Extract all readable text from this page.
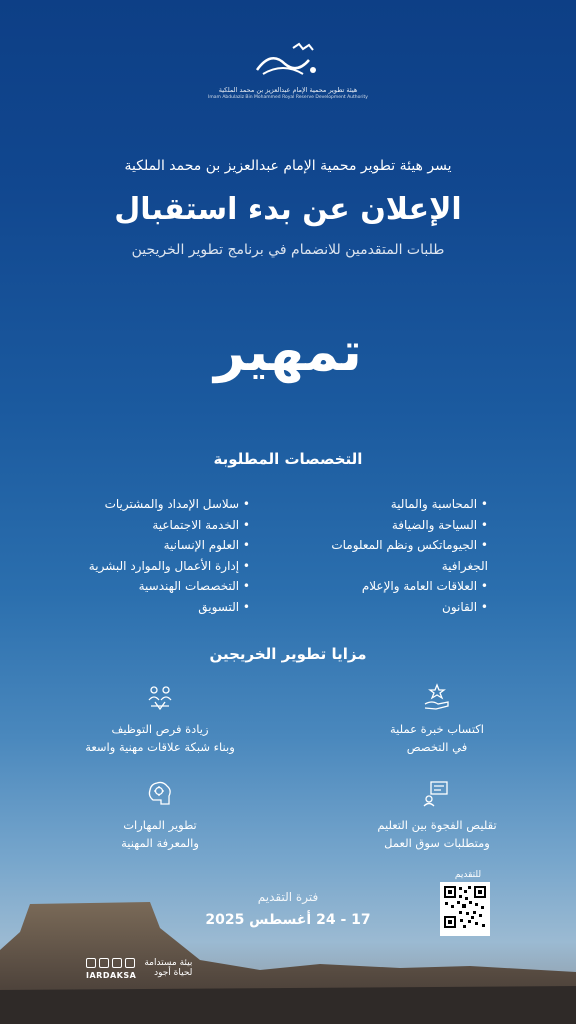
هيئة تطوير محمية الإمام عبدالعزيز بن محمد الملكية
Imam Abdulaziz Bin Mohammed Royal Reserve Development Authority
يسر هيئة تطوير محمية الإمام عبدالعزيز بن محمد الملكية
الإعلان عن بدء استقبال
طلبات المتقدمين للانضمام في برنامج تطوير الخريجين
تمهير
التخصصات المطلوبة
• المحاسبة والمالية
• السياحة والضيافة
• الجيوماتكس ونظم المعلومات الجغرافية
• العلاقات العامة والإعلام
• القانون
• سلاسل الإمداد والمشتريات
• الخدمة الاجتماعية
• العلوم الإنسانية
• إدارة الأعمال والموارد البشرية
• التخصصات الهندسية
• التسويق
مزايا تطوير الخريجين
اكتساب خبرة عملية
في التخصص
زيادة فرص التوظيف
وبناء شبكة علاقات مهنية واسعة
تقليص الفجوة بين التعليم
ومتطلبات سوق العمل
تطوير المهارات
والمعرفة المهنية
فترة التقديم
17 - 24 أغسطس 2025
للتقديم
IARDAKSA
بيئة مستدامة
لحياة أجود
